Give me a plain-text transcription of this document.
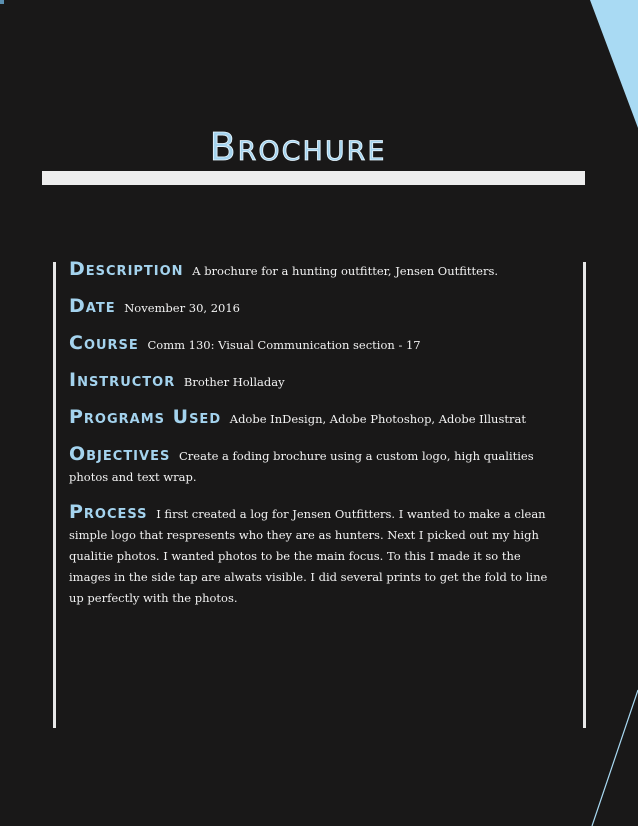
Brochure
Description A brochure for a hunting outfitter, Jensen Outfitters.
Date November 30, 2016
Course Comm 130: Visual Communication section - 17
Instructor Brother Holladay
Programs Used Adobe InDesign, Adobe Photoshop, Adobe Illustrat
Objectives Create a foding brochure using a custom logo, high qualities photos and text wrap.
Process I first created a log for Jensen Outfitters. I wanted to make a clean simple logo that respresents who they are as hunters. Next I picked out my high qualitie photos. I wanted photos to be the main focus. To this I made it so the images in the side tap are alwats visible. I did several prints to get the fold to line up perfectly with the photos.
